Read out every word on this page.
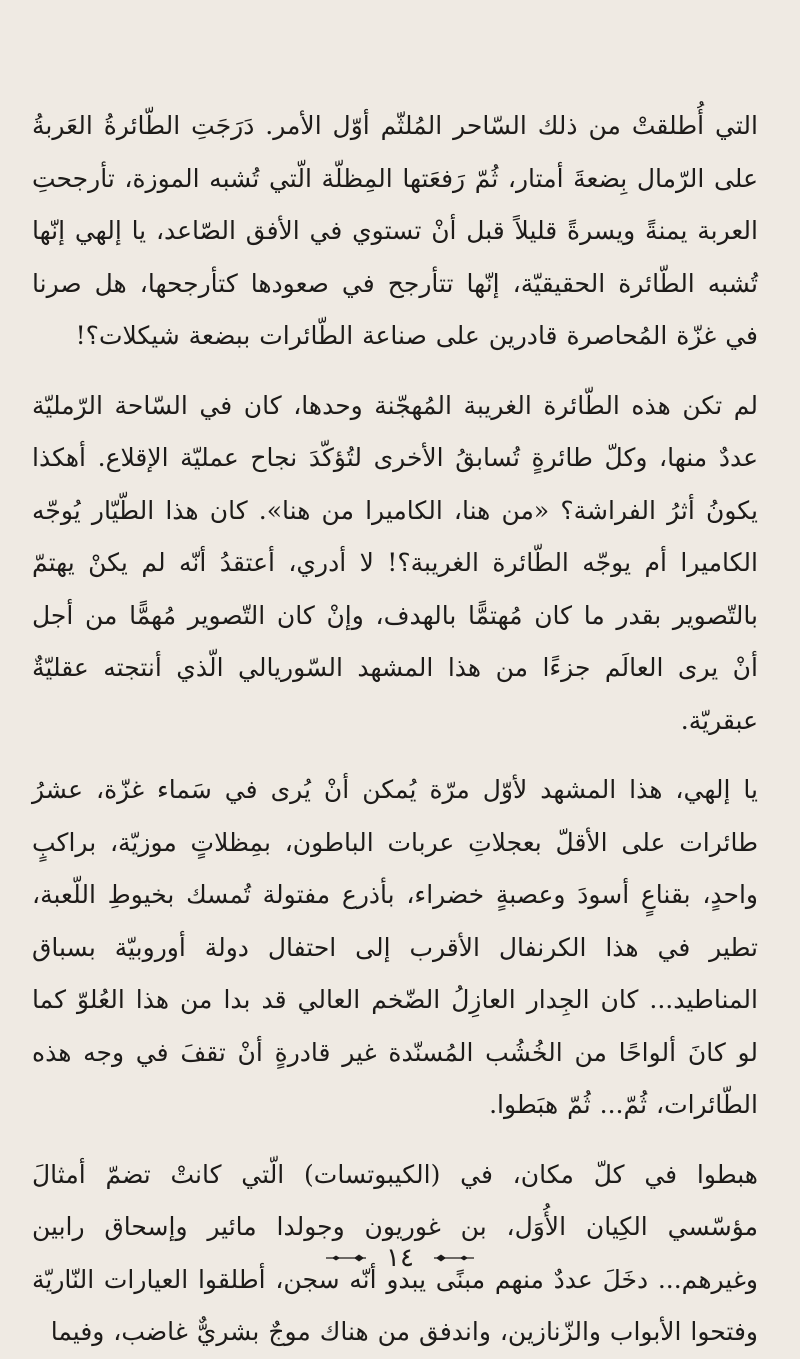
التي أُطلقتْ من ذلك السّاحر المُلثّم أوّل الأمر. دَرَجَتِ الطّائرةُ العَربةُ على الرّمال بِضعةَ أمتار، ثُمّ رَفعَتها المِظلّة الّتي تُشبه الموزة، تأرجحتِ العربة يمنةً ويسرةً قليلاً قبل أنْ تستوي في الأفق الصّاعد، يا إلهي إنّها تُشبه الطّائرة الحقيقيّة، إنّها تتأرجح في صعودها كتأرجحها، هل صرنا في غزّة المُحاصرة قادرين على صناعة الطّائرات ببضعة شيكلات؟!

لم تكن هذه الطّائرة الغريبة المُهجّنة وحدها، كان في السّاحة الرّمليّة عددٌ منها، وكلّ طائرةٍ تُسابقُ الأخرى لتُؤكّدَ نجاح عمليّة الإقلاع. أهكذا يكونُ أثرُ الفراشة؟ «من هنا، الكاميرا من هنا». كان هذا الطّيّار يُوجّه الكاميرا أم يوجّه الطّائرة الغريبة؟! لا أدري، أعتقدُ أنّه لم يكنْ يهتمّ بالتّصوير بقدر ما كان مُهتمًّا بالهدف، وإنْ كان التّصوير مُهمًّا من أجل أنْ يرى العالَم جزءًا من هذا المشهد السّوريالي الّذي أنتجته عقليّةٌ عبقريّة.

يا إلهي، هذا المشهد لأوّل مرّة يُمكن أنْ يُرى في سَماء غزّة، عشرُ طائرات على الأقلّ بعجلاتِ عربات الباطون، بمِظلاتٍ موزيّة، براكبٍ واحدٍ، بقناعٍ أسودَ وعصبةٍ خضراء، بأذرع مفتولة تُمسك بخيوطِ اللّعبة، تطير في هذا الكرنفال الأقرب إلى احتفال دولة أوروبيّة بسباق المناطيد... كان الجِدار العازِلُ الضّخم العالي قد بدا من هذا العُلوّ كما لو كانَ ألواحًا من الخُشُب المُسنّدة غير قادرةٍ أنْ تقفَ في وجه هذه الطّائرات، ثُمّ... ثُمّ هبَطوا.

هبطوا في كلّ مكان، في (الكيبوتسات) الّتي كانتْ تضمّ أمثالَ مؤسّسي الكِيان الأُوَل، بن غوريون وجولدا مائير وإسحاق رابين وغيرهم... دخَلَ عددٌ منهم مبنًى يبدو أنّه سجن، أطلقوا العيارات النّاريّة وفتحوا الأبواب والزّنازين، واندفق من هناك موجٌ بشريٌّ غاضب، وفيما

١٤
